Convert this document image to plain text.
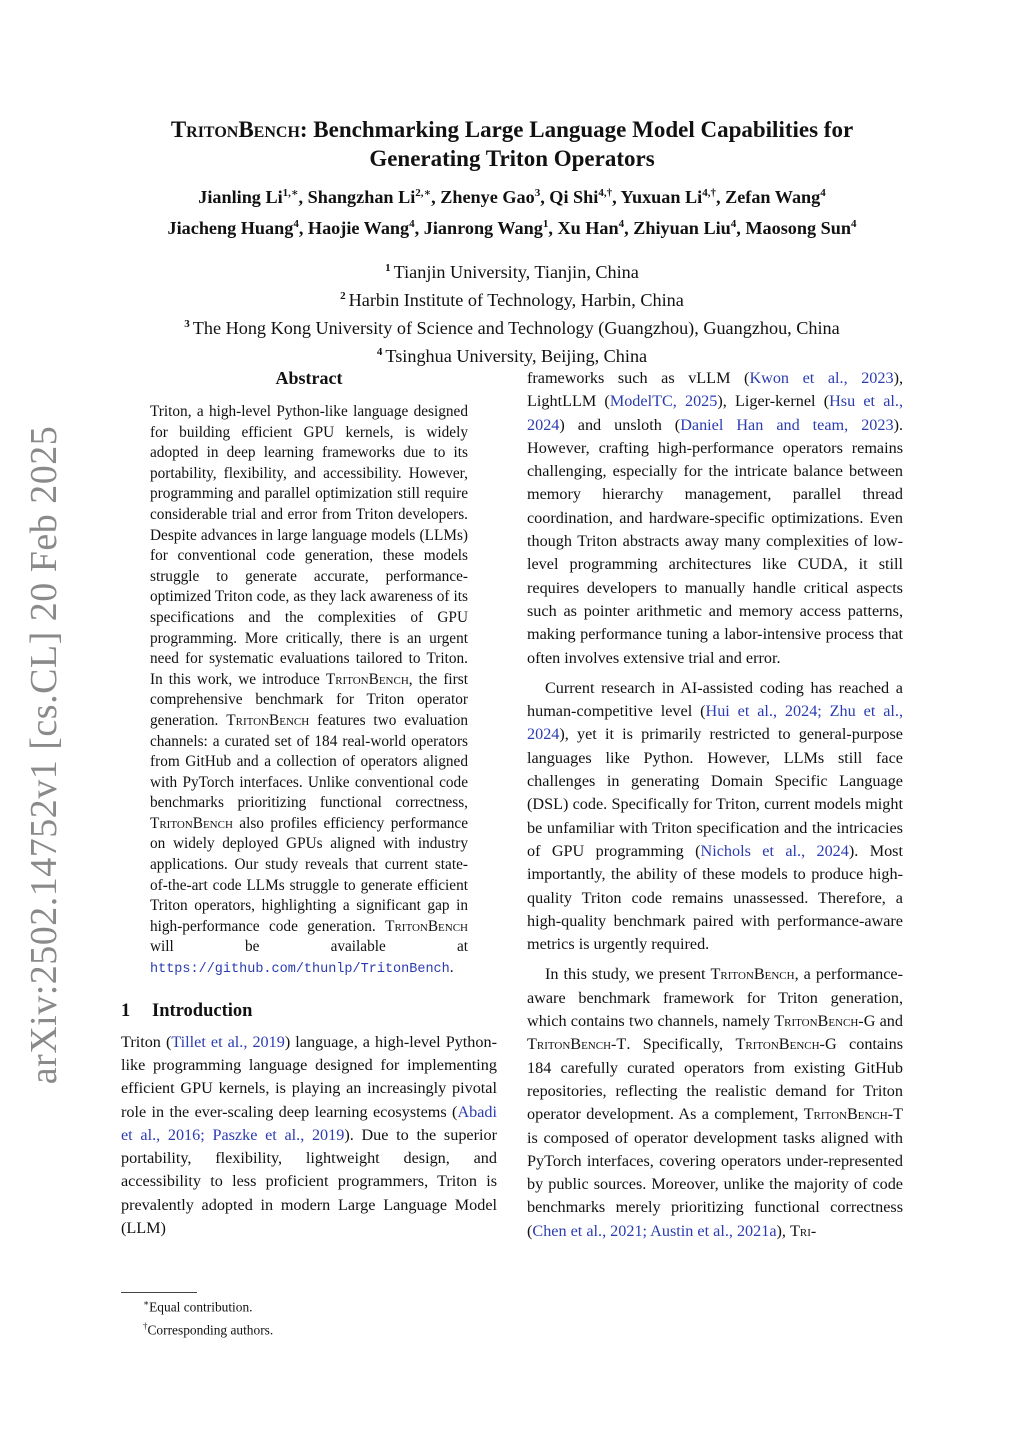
arXiv:2502.14752v1 [cs.CL] 20 Feb 2025
TritonBench: Benchmarking Large Language Model Capabilities for
Generating Triton Operators
Jianling $Li^{1,∗}$, Shangzhan $Li^{2,∗}$, Zhenye Gao$^3$, Qi Shi$^{4,\dagger}$, Yuxuan $Li^{4,\dagger}$, Zefan Wang$^4$
Jiacheng Huang$^4$, Haojie Wang$^4$, Jianrong Wang$^1$, Xu Han$^4$, Zhiyuan Liu$^4$, Maosong Sun$^4$
$^1$ Tianjin University, Tianjin, China
$^2$ Harbin Institute of Technology, Harbin, China
$^3$ The Hong Kong University of Science and Technology (Guangzhou), Guangzhou, China
$^4$ Tsinghua University, Beijing, China
Abstract

Triton, a high-level Python-like language designed for building efficient GPU kernels, is widely adopted in deep learning frameworks due to its portability, flexibility, and accessibility. However, programming and parallel optimization still require considerable trial and error from Triton developers. Despite advances in large language models (LLMs) for conventional code generation, these models struggle to generate accurate, performance-optimized Triton code, as they lack awareness of its specifications and the complexities of GPU programming. More critically, there is an urgent need for systematic evaluations tailored to Triton. In this work, we introduce TritonBench, the first comprehensive benchmark for Triton operator generation. TritonBench features two evaluation channels: a curated set of 184 real-world operators from GitHub and a collection of operators aligned with PyTorch interfaces. Unlike conventional code benchmarks prioritizing functional correctness, TritonBench also profiles efficiency performance on widely deployed GPUs aligned with industry applications. Our study reveals that current state-of-the-art code LLMs struggle to generate efficient Triton operators, highlighting a significant gap in high-performance code generation. TritonBench will be available at https://github.com/thunlp/TritonBench.

1 Introduction

Triton (Tillet et al., 2019) language, a high-level Python-like programming language designed for implementing efficient GPU kernels, is playing an increasingly pivotal role in the ever-scaling deep learning ecosystems (Abadi et al., 2016; Paszke et al., 2019). Due to the superior portability, flexibility, lightweight design, and accessibility to less proficient programmers, Triton is prevalently adopted in modern Large Language Model (LLM)

∗Equal contribution.
†Corresponding authors.

frameworks such as vLLM (Kwon et al., 2023), LightLLM (ModelTC, 2025), Liger-kernel (Hsu et al., 2024) and unsloth (Daniel Han and team, 2023). However, crafting high-performance operators remains challenging, especially for the intricate balance between memory hierarchy management, parallel thread coordination, and hardware-specific optimizations. Even though Triton abstracts away many complexities of low-level programming architectures like CUDA, it still requires developers to manually handle critical aspects such as pointer arithmetic and memory access patterns, making performance tuning a labor-intensive process that often involves extensive trial and error.

Current research in AI-assisted coding has reached a human-competitive level (Hui et al., 2024; Zhu et al., 2024), yet it is primarily restricted to general-purpose languages like Python. However, LLMs still face challenges in generating Domain Specific Language (DSL) code. Specifically for Triton, current models might be unfamiliar with Triton specification and the intricacies of GPU programming (Nichols et al., 2024). Most importantly, the ability of these models to produce high-quality Triton code remains unassessed. Therefore, a high-quality benchmark paired with performance-aware metrics is urgently required.

In this study, we present TritonBench, a performance-aware benchmark framework for Triton generation, which contains two channels, namely TritonBench-G and TritonBench-T. Specifically, TritonBench-G contains 184 carefully curated operators from existing GitHub repositories, reflecting the realistic demand for Triton operator development. As a complement, TritonBench-T is composed of operator development tasks aligned with PyTorch interfaces, covering operators under-represented by public sources. Moreover, unlike the majority of code benchmarks merely prioritizing functional correctness (Chen et al., 2021; Austin et al., 2021a), Tri-
